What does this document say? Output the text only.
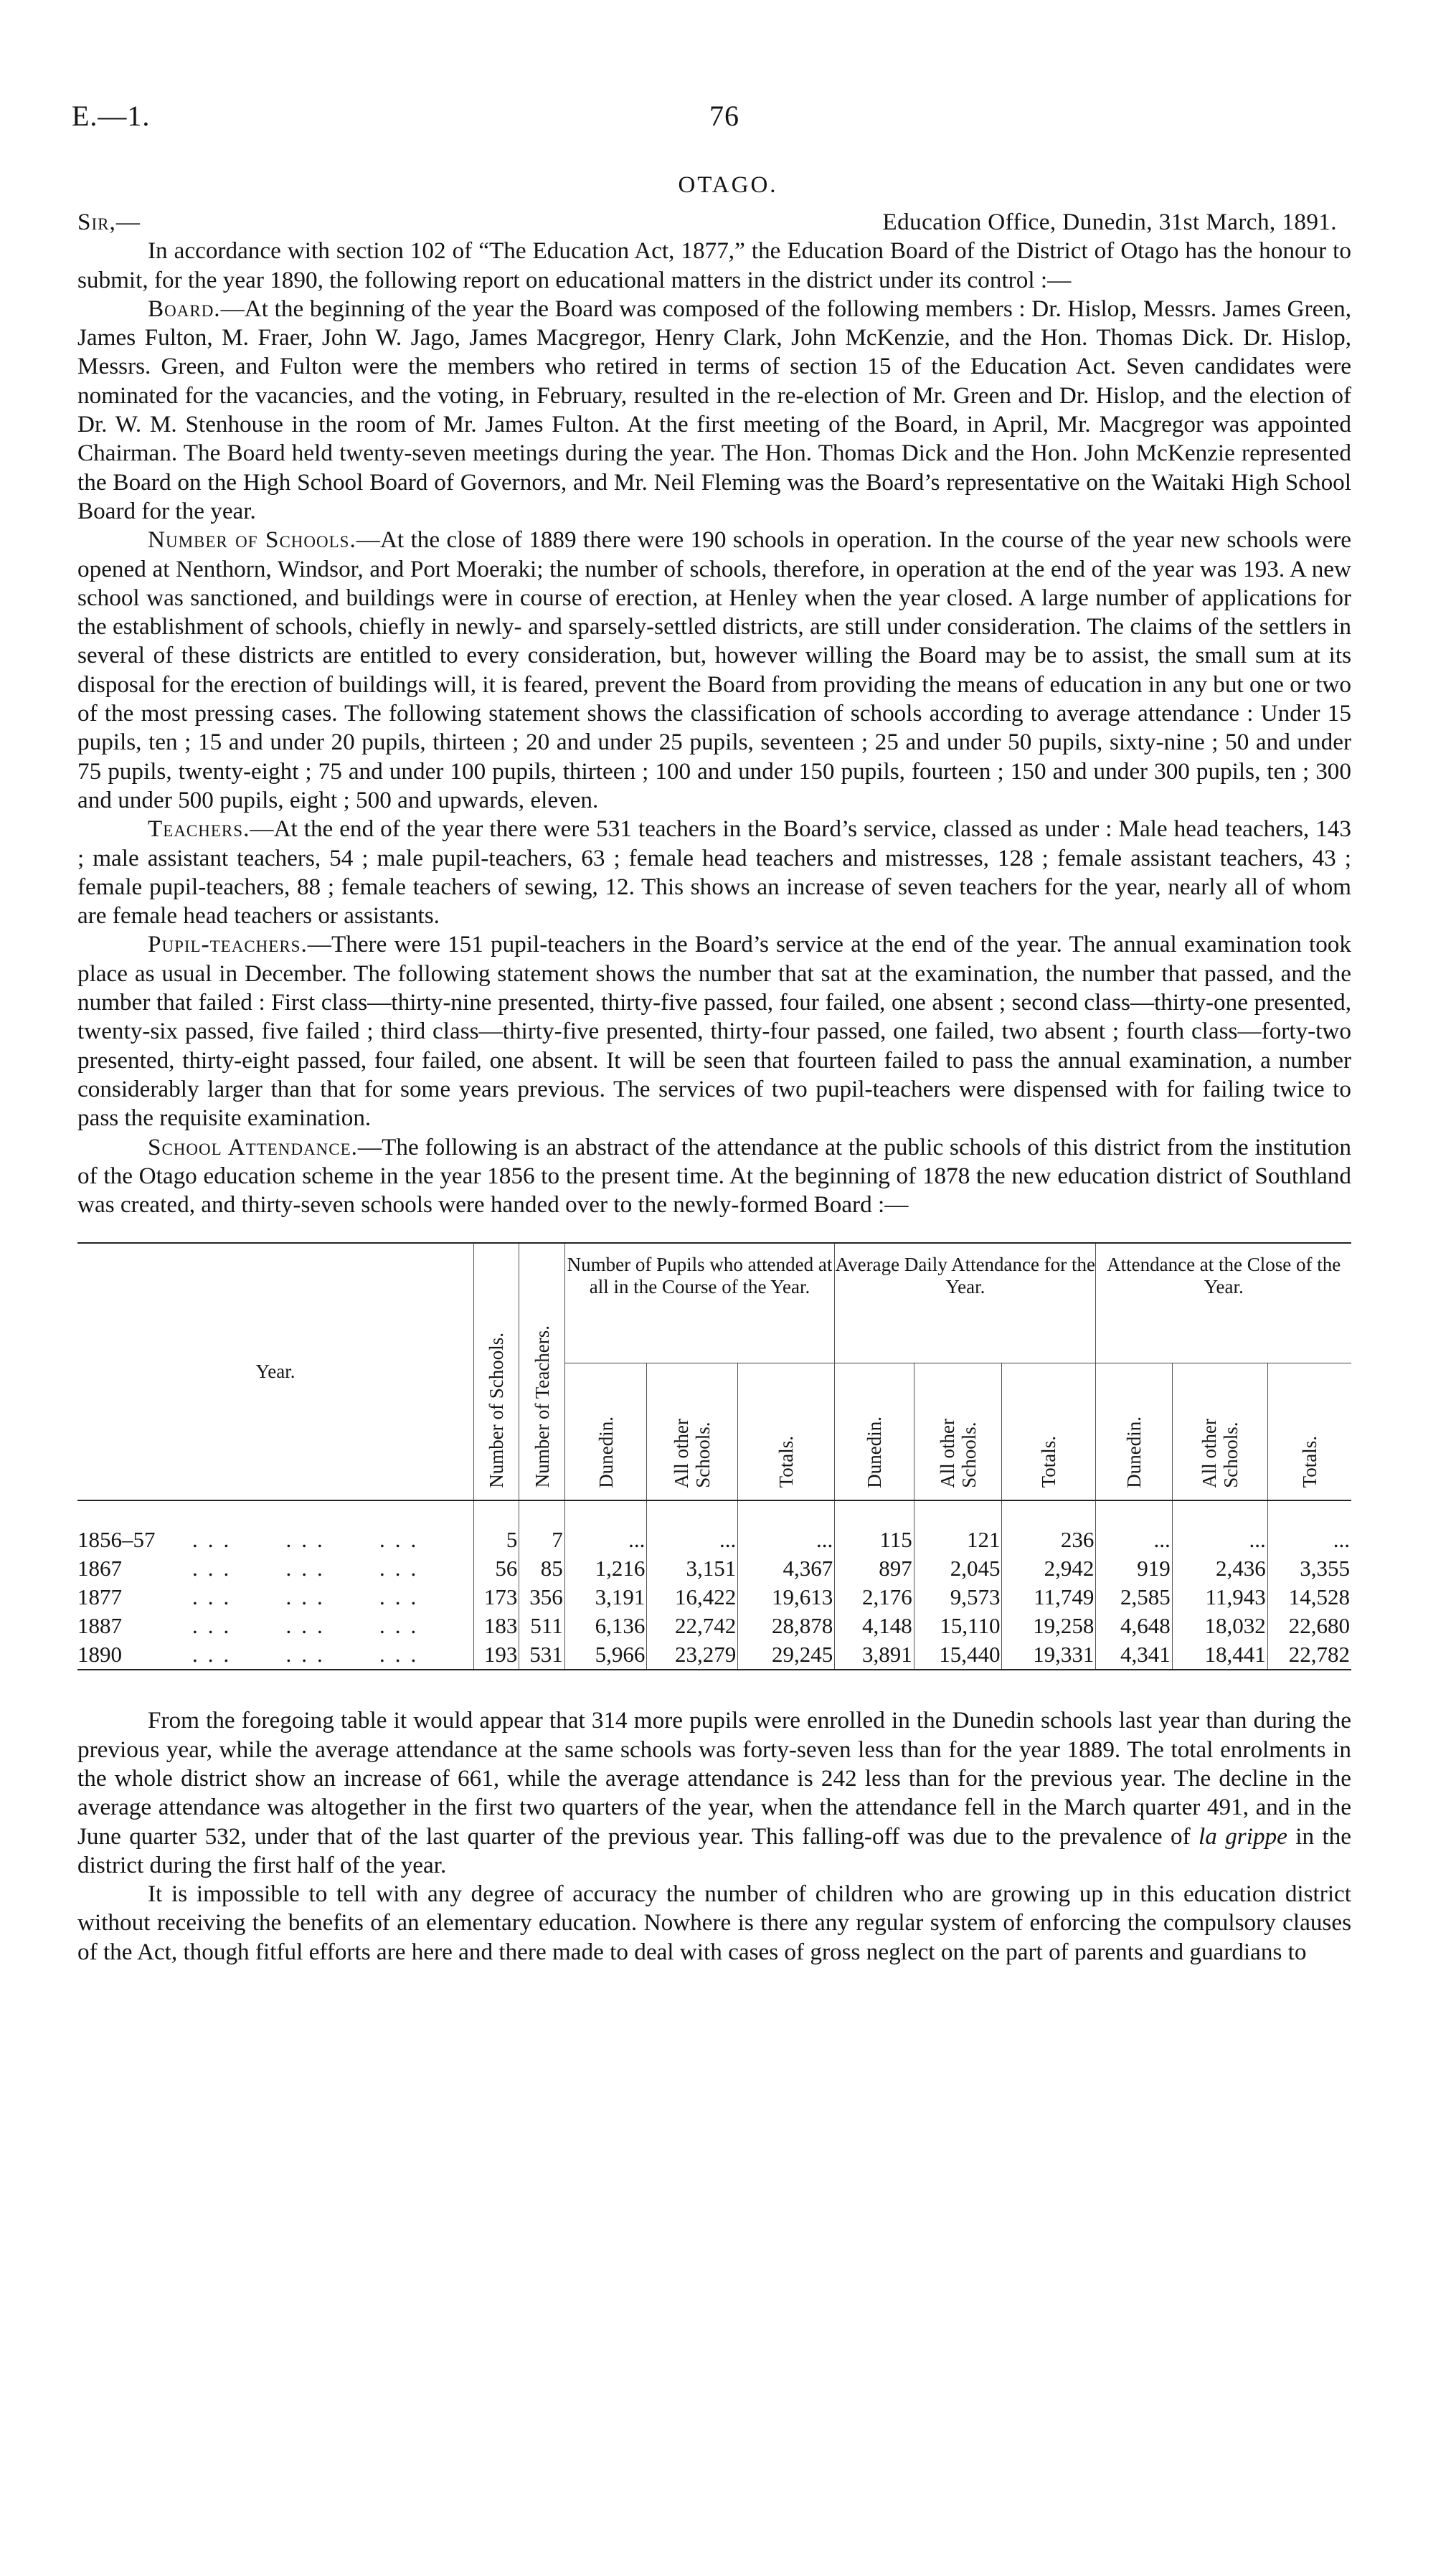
E.—1.	76
OTAGO.
Sir,—	Education Office, Dunedin, 31st March, 1891.

In accordance with section 102 of “The Education Act, 1877,” the Education Board of the District of Otago has the honour to submit, for the year 1890, the following report on educational matters in the district under its control :—

Board.—At the beginning of the year the Board was composed of the following members : Dr. Hislop, Messrs. James Green, James Fulton, M. Fraer, John W. Jago, James Macgregor, Henry Clark, John McKenzie, and the Hon. Thomas Dick. Dr. Hislop, Messrs. Green, and Fulton were the members who retired in terms of section 15 of the Education Act. Seven candidates were nominated for the vacancies, and the voting, in February, resulted in the re-election of Mr. Green and Dr. Hislop, and the election of Dr. W. M. Stenhouse in the room of Mr. James Fulton. At the first meeting of the Board, in April, Mr. Macgregor was appointed Chairman. The Board held twenty-seven meetings during the year. The Hon. Thomas Dick and the Hon. John McKenzie represented the Board on the High School Board of Governors, and Mr. Neil Fleming was the Board’s representative on the Waitaki High School Board for the year.

Number of Schools.—At the close of 1889 there were 190 schools in operation. In the course of the year new schools were opened at Nenthorn, Windsor, and Port Moeraki; the number of schools, therefore, in operation at the end of the year was 193. A new school was sanctioned, and buildings were in course of erection, at Henley when the year closed. A large number of applications for the establishment of schools, chiefly in newly- and sparsely-settled districts, are still under consideration. The claims of the settlers in several of these districts are entitled to every consideration, but, however willing the Board may be to assist, the small sum at its disposal for the erection of buildings will, it is feared, prevent the Board from providing the means of education in any but one or two of the most pressing cases. The following statement shows the classification of schools according to average attendance : Under 15 pupils, ten ; 15 and under 20 pupils, thirteen ; 20 and under 25 pupils, seventeen ; 25 and under 50 pupils, sixty-nine ; 50 and under 75 pupils, twenty-eight ; 75 and under 100 pupils, thirteen ; 100 and under 150 pupils, fourteen ; 150 and under 300 pupils, ten ; 300 and under 500 pupils, eight ; 500 and upwards, eleven.

Teachers.—At the end of the year there were 531 teachers in the Board’s service, classed as under : Male head teachers, 143 ; male assistant teachers, 54 ; male pupil-teachers, 63 ; female head teachers and mistresses, 128 ; female assistant teachers, 43 ; female pupil-teachers, 88 ; female teachers of sewing, 12. This shows an increase of seven teachers for the year, nearly all of whom are female head teachers or assistants.

Pupil-teachers.—There were 151 pupil-teachers in the Board’s service at the end of the year. The annual examination took place as usual in December. The following statement shows the number that sat at the examination, the number that passed, and the number that failed : First class—thirty-nine presented, thirty-five passed, four failed, one absent ; second class—thirty-one presented, twenty-six passed, five failed ; third class—thirty-five presented, thirty-four passed, one failed, two absent ; fourth class—forty-two presented, thirty-eight passed, four failed, one absent. It will be seen that fourteen failed to pass the annual examination, a number considerably larger than that for some years previous. The services of two pupil-teachers were dispensed with for failing twice to pass the requisite examination.

School Attendance.—The following is an abstract of the attendance at the public schools of this district from the institution of the Otago education scheme in the year 1856 to the present time. At the beginning of 1878 the new education district of Southland was created, and thirty-seven schools were handed over to the newly-formed Board :—

Year.	Number of Schools.	Number of Teachers.	Number of Pupils who attended at all in the Course of the Year.			Average Daily Attendance for the Year.			Attendance at the Close of the Year.		
			Dunedin.	All other
Schools.	Totals.	Dunedin.	All other
Schools.	Totals.	Dunedin.	All other
Schools.	Totals.

1856–57 ...   ...   ...	5	7	...	...	...	115	121	236	...	...	...
1867 ...   ...   ...	56	85	1,216	3,151	4,367	897	2,045	2,942	919	2,436	3,355
1877 ...   ...   ...	173	356	3,191	16,422	19,613	2,176	9,573	11,749	2,585	11,943	14,528
1887 ...   ...   ...	183	511	6,136	22,742	28,878	4,148	15,110	19,258	4,648	18,032	22,680
1890 ...   ...   ...	193	531	5,966	23,279	29,245	3,891	15,440	19,331	4,341	18,441	22,782

From the foregoing table it would appear that 314 more pupils were enrolled in the Dunedin schools last year than during the previous year, while the average attendance at the same schools was forty-seven less than for the year 1889. The total enrolments in the whole district show an increase of 661, while the average attendance is 242 less than for the previous year. The decline in the average attendance was altogether in the first two quarters of the year, when the attendance fell in the March quarter 491, and in the June quarter 532, under that of the last quarter of the previous year. This falling-off was due to the prevalence of la grippe in the district during the first half of the year.

It is impossible to tell with any degree of accuracy the number of children who are growing up in this education district without receiving the benefits of an elementary education. Nowhere is there any regular system of enforcing the compulsory clauses of the Act, though fitful efforts are here and there made to deal with cases of gross neglect on the part of parents and guardians to
